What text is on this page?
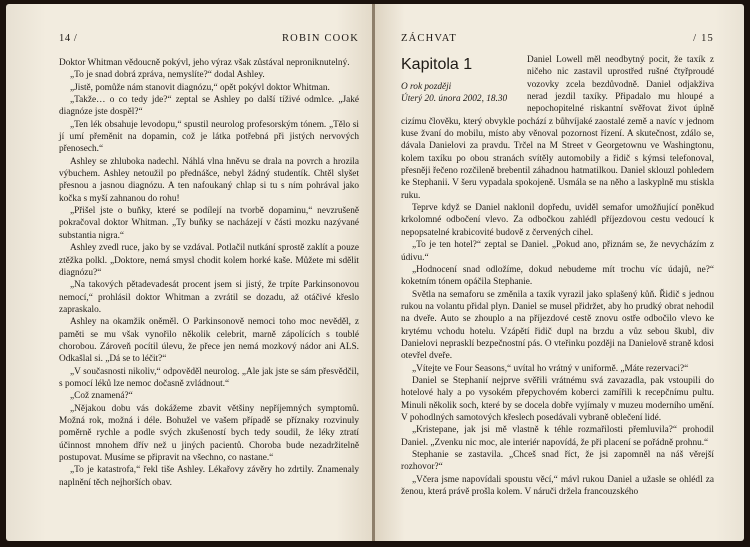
14 /	ROBIN COOK

Doktor Whitman vědoucně pokývl, jeho výraz však zůstával neproniknutelný.

„To je snad dobrá zpráva, nemyslíte?“ dodal Ashley.

„Jistě, pomůže nám stanovit diagnózu,“ opět pokývl doktor Whitman.

„Takže… o co tedy jde?“ zeptal se Ashley po další tíživé odmlce. „Jaké diagnóze jste dospěl?“

„Ten lék obsahuje levodopu,“ spustil neurolog profesorským tónem. „Tělo si jí umí přeměnit na dopamin, což je látka potřebná při jistých nervových přenosech.“

Ashley se zhluboka nadechl. Náhlá vlna hněvu se drala na povrch a hrozila výbuchem. Ashley netoužil po přednášce, nebyl žádný studentík. Chtěl slyšet přesnou a jasnou diagnózu. A ten nafoukaný chlap si tu s ním pohrával jako kočka s myší zahnanou do rohu!

„Přišel jste o buňky, které se podílejí na tvorbě dopaminu,“ nevzrušeně pokračoval doktor Whitman. „Ty buňky se nacházejí v části mozku nazývané substantia nigra.“

Ashley zvedl ruce, jako by se vzdával. Potlačil nutkání sprostě zaklít a pouze ztěžka polkl. „Doktore, nemá smysl chodit kolem horké kaše. Můžete mi sdělit diagnózu?“

„Na takových pětadevadesát procent jsem si jistý, že trpíte Parkinsonovou nemocí,“ prohlásil doktor Whitman a zvrátil se dozadu, až otáčivé křeslo zapraskalo.

Ashley na okamžik oněměl. O Parkinsonově nemoci toho moc nevěděl, z paměti se mu však vynořilo několik celebrit, marně zápolících s toublé chorobou. Zároveň pocítil úlevu, že přece jen nemá mozkový nádor ani ALS. Odkašlal si. „Dá se to léčit?“

„V současnosti nikoliv,“ odpověděl neurolog. „Ale jak jste se sám přesvědčil, s pomocí léků lze nemoc dočasně zvládnout.“

„Což znamená?“

„Nějakou dobu vás dokážeme zbavit většiny nepříjemných symptomů. Možná rok, možná i déle. Bohužel ve vašem případě se příznaky rozvinuly poměrně rychle a podle svých zkušeností bych tedy soudil, že léky ztratí účinnost mnohem dřív než u jiných pacientů. Choroba bude nezadržitelně postupovat. Musíme se připravit na všechno, co nastane.“

„To je katastrofa,“ řekl tiše Ashley. Lékařovy závěry ho zdrtily. Znamenaly naplnění těch nejhorších obav.

ZÁCHVAT	/ 15
Kapitola 1
O rok později
Úterý 20. února 2002, 18.30

Daniel Lowell měl neodbytný pocit, že taxík z ničeho nic zastavil uprostřed rušné čtyřproudé vozovky zcela bezdůvodně. Daniel odjakživa nerad jezdil taxíky. Připadalo mu hloupé a nepochopitelné riskantní svěřovat život úplně cizímu člověku, který obvykle pochází z bůhvíjaké zaostalé země a navíc v jednom kuse žvaní do mobilu, místo aby věnoval pozornost řízení. A skutečnost, zdálo se, dávala Danielovi za pravdu. Trčel na M Street v Georgetownu ve Washingtonu, kolem taxíku po obou stranách svítěly automobily a řidič s kýmsi telefonoval, přesněji řečeno rozčileně brebentil záhadnou hatmatilkou. Daniel sklouzl pohledem ke Stephanii. V šeru vypadala spokojeně. Usmála se na něho a laskyplně mu stiskla ruku.

Teprve když se Daniel naklonil dopředu, uviděl semafor umožňující poněkud krkolomné odbočení vlevo. Za odbočkou zahlédl příjezdovou cestu vedoucí k nepopsatelné krabicovité budově z červených cihel.

„To je ten hotel?“ zeptal se Daniel. „Pokud ano, přiznám se, že nevycházím z údivu.“

„Hodnocení snad odložíme, dokud nebudeme mít trochu víc údajů, ne?“ koketním tónem opáčila Stephanie.

Světla na semaforu se změnila a taxík vyrazil jako splašený kůň. Řidič s jednou rukou na volantu přidal plyn. Daniel se musel přidržet, aby ho prudký obrat nehodil na dveře. Auto se zhouplo a na příjezdové cestě znovu ostře odbočilo vlevo ke krytému vchodu hotelu. Vzápětí řidič dupl na brzdu a vůz sebou škubl, div Danielovi neprasklí bezpečnostní pás. O vteřinku později na Danielově straně kdosi otevřel dveře.

„Vítejte ve Four Seasons,“ uvítal ho vrátný v uniformě. „Máte rezervaci?“

Daniel se Stephanií nejprve svěřili vrátnému svá zavazadla, pak vstoupili do hotelové haly a po vysokém přepychovém koberci zamířili k recepčnímu pultu. Minuli několik soch, které by se docela dobře vyjímaly v muzeu moderního umění. V pohodlných samotových křeslech posedávali vybraně oblečení lidé.

„Kristepane, jak jsi mě vlastně k téhle rozmařilosti přemluvila?“ prohodil Daniel. „Zvenku nic moc, ale interiér napovídá, že při placení se pořádně prohnu.“

Stephanie se zastavila. „Chceš snad říct, že jsi zapomněl na náš věrejší rozhovor?“

„Včera jsme napovídali spoustu věcí,“ mávl rukou Daniel a užasle se ohlédl za ženou, která právě prošla kolem. V náruči držela francouzského
